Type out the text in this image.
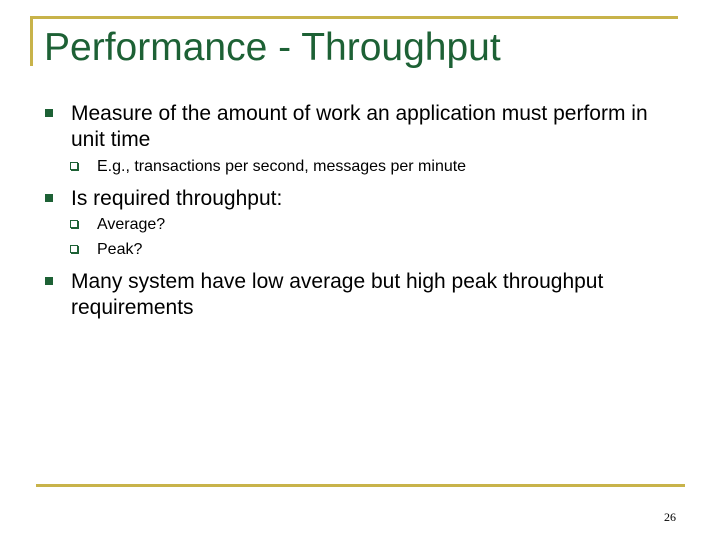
Performance - Throughput
Measure of the amount of work an application must perform in unit time
E.g., transactions per second, messages per minute
Is required throughput:
Average?
Peak?
Many system have low average but high peak throughput requirements
26
